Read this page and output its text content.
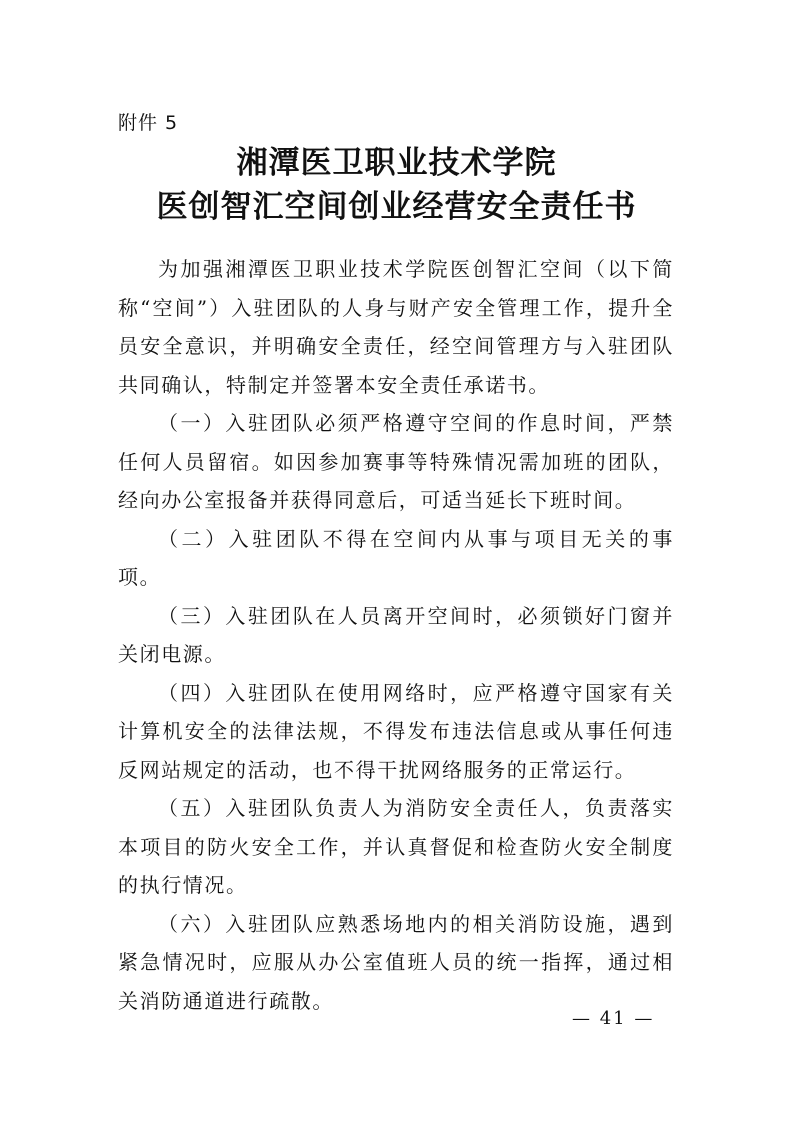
附件 5
湘潭医卫职业技术学院
医创智汇空间创业经营安全责任书

为加强湘潭医卫职业技术学院医创智汇空间（以下简称“空间”）入驻团队的人身与财产安全管理工作，提升全员安全意识，并明确安全责任，经空间管理方与入驻团队共同确认，特制定并签署本安全责任承诺书。

（一）入驻团队必须严格遵守空间的作息时间，严禁任何人员留宿。如因参加赛事等特殊情况需加班的团队，经向办公室报备并获得同意后，可适当延长下班时间。

（二）入驻团队不得在空间内从事与项目无关的事项。

（三）入驻团队在人员离开空间时，必须锁好门窗并关闭电源。

（四）入驻团队在使用网络时，应严格遵守国家有关计算机安全的法律法规，不得发布违法信息或从事任何违反网站规定的活动，也不得干扰网络服务的正常运行。

（五）入驻团队负责人为消防安全责任人，负责落实本项目的防火安全工作，并认真督促和检查防火安全制度的执行情况。

（六）入驻团队应熟悉场地内的相关消防设施，遇到紧急情况时，应服从办公室值班人员的统一指挥，通过相关消防通道进行疏散。

— 41 —
